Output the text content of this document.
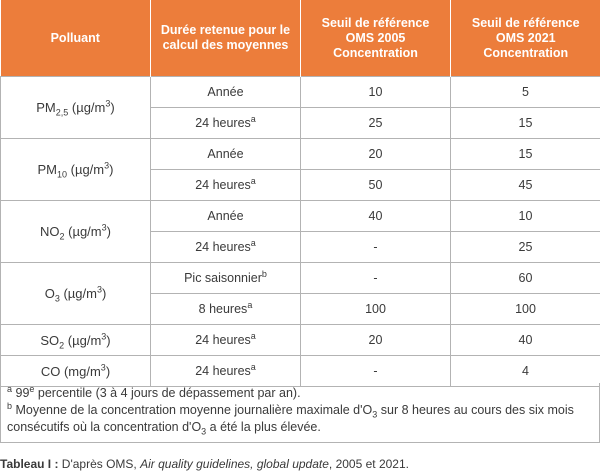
Polluant	Durée retenue pour le calcul des moyennes	Seuil de référence OMS 2005 Concentration	Seuil de référence OMS 2021 Concentration
$PM_{2,5}$ $(\mu g/m^3)$	Année	10	5
	24 heures$^a$	25	15
$PM_{10}$ $(\mu g/m^3)$	Année	20	15
	24 heures$^a$	50	45
$NO_2$ $(\mu g/m^3)$	Année	40	10
	24 heures$^a$	-	25
$O_3$ $(\mu g/m^3)$	Pic saisonnier$^b$	-	60
	8 heures$^a$	100	100
$SO_2$ $(\mu g/m^3)$	24 heures$^a$	20	40
CO $(mg/m^3)$	24 heures$^a$	-	4
$^a$ 99e percentile (3 à 4 jours de dépassement par an).
$^b$ Moyenne de la concentration moyenne journalière maximale $d'O_3$ sur 8 heures au cours des six mois consécutifs où la concentration $d'O_3$ a été la plus élevée.
Tableau I : D'après OMS, Air quality guidelines, global update, 2005 et 2021.
